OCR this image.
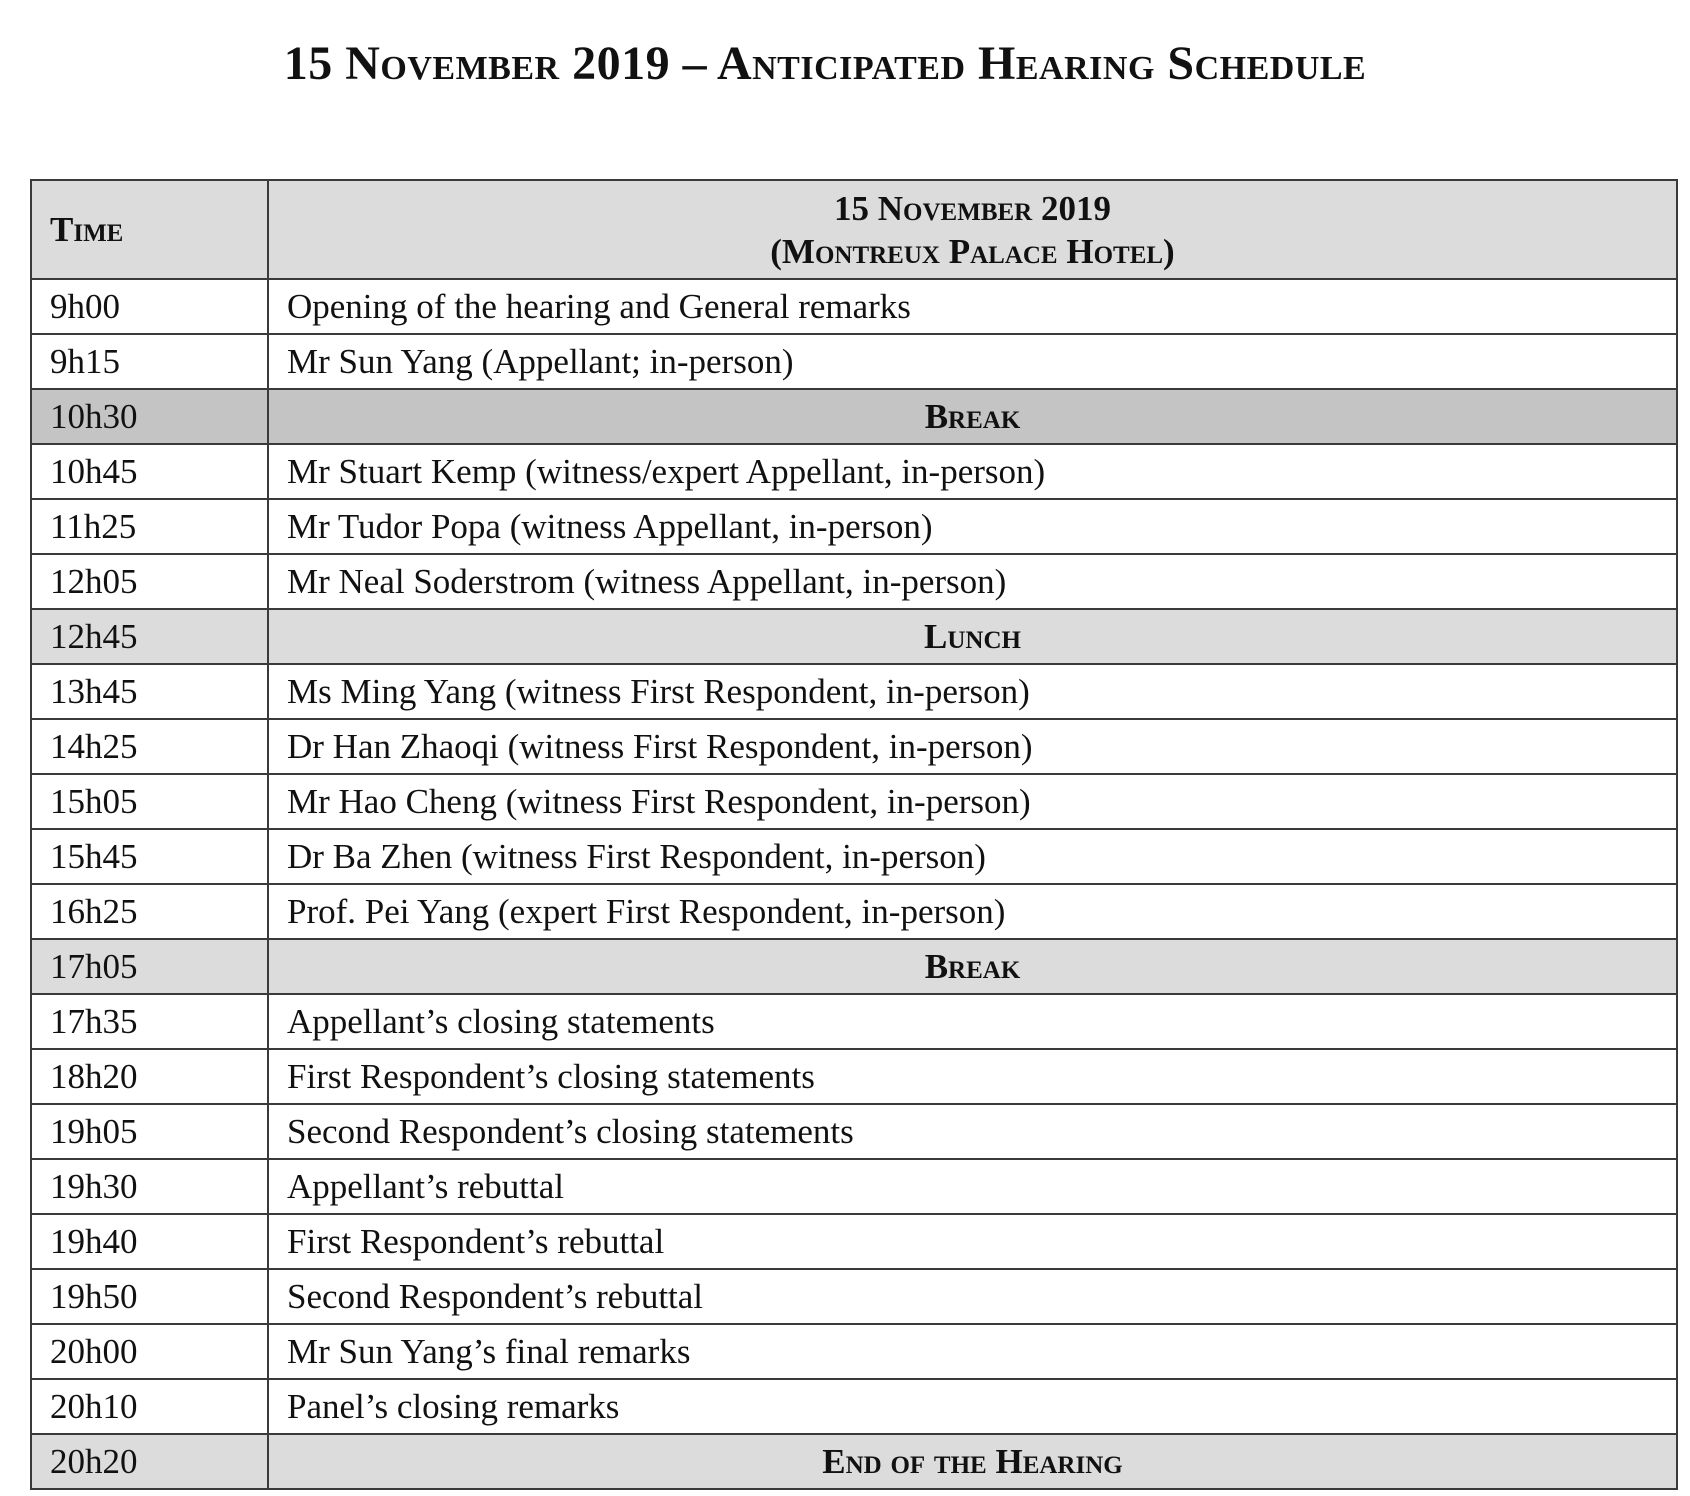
15 November 2019 – Anticipated Hearing Schedule
Time	15 November 2019
(Montreux Palace Hotel)

9h00	Opening of the hearing and General remarks
9h15	Mr Sun Yang (Appellant; in-person)
10h30	Break
10h45	Mr Stuart Kemp (witness/expert Appellant, in-person)
11h25	Mr Tudor Popa (witness Appellant, in-person)
12h05	Mr Neal Soderstrom (witness Appellant, in-person)
12h45	Lunch
13h45	Ms Ming Yang (witness First Respondent, in-person)
14h25	Dr Han Zhaoqi (witness First Respondent, in-person)
15h05	Mr Hao Cheng (witness First Respondent, in-person)
15h45	Dr Ba Zhen (witness First Respondent, in-person)
16h25	Prof. Pei Yang (expert First Respondent, in-person)
17h05	Break
17h35	Appellant’s closing statements
18h20	First Respondent’s closing statements
19h05	Second Respondent’s closing statements
19h30	Appellant’s rebuttal
19h40	First Respondent’s rebuttal
19h50	Second Respondent’s rebuttal
20h00	Mr Sun Yang’s final remarks
20h10	Panel’s closing remarks
20h20	End of the Hearing
